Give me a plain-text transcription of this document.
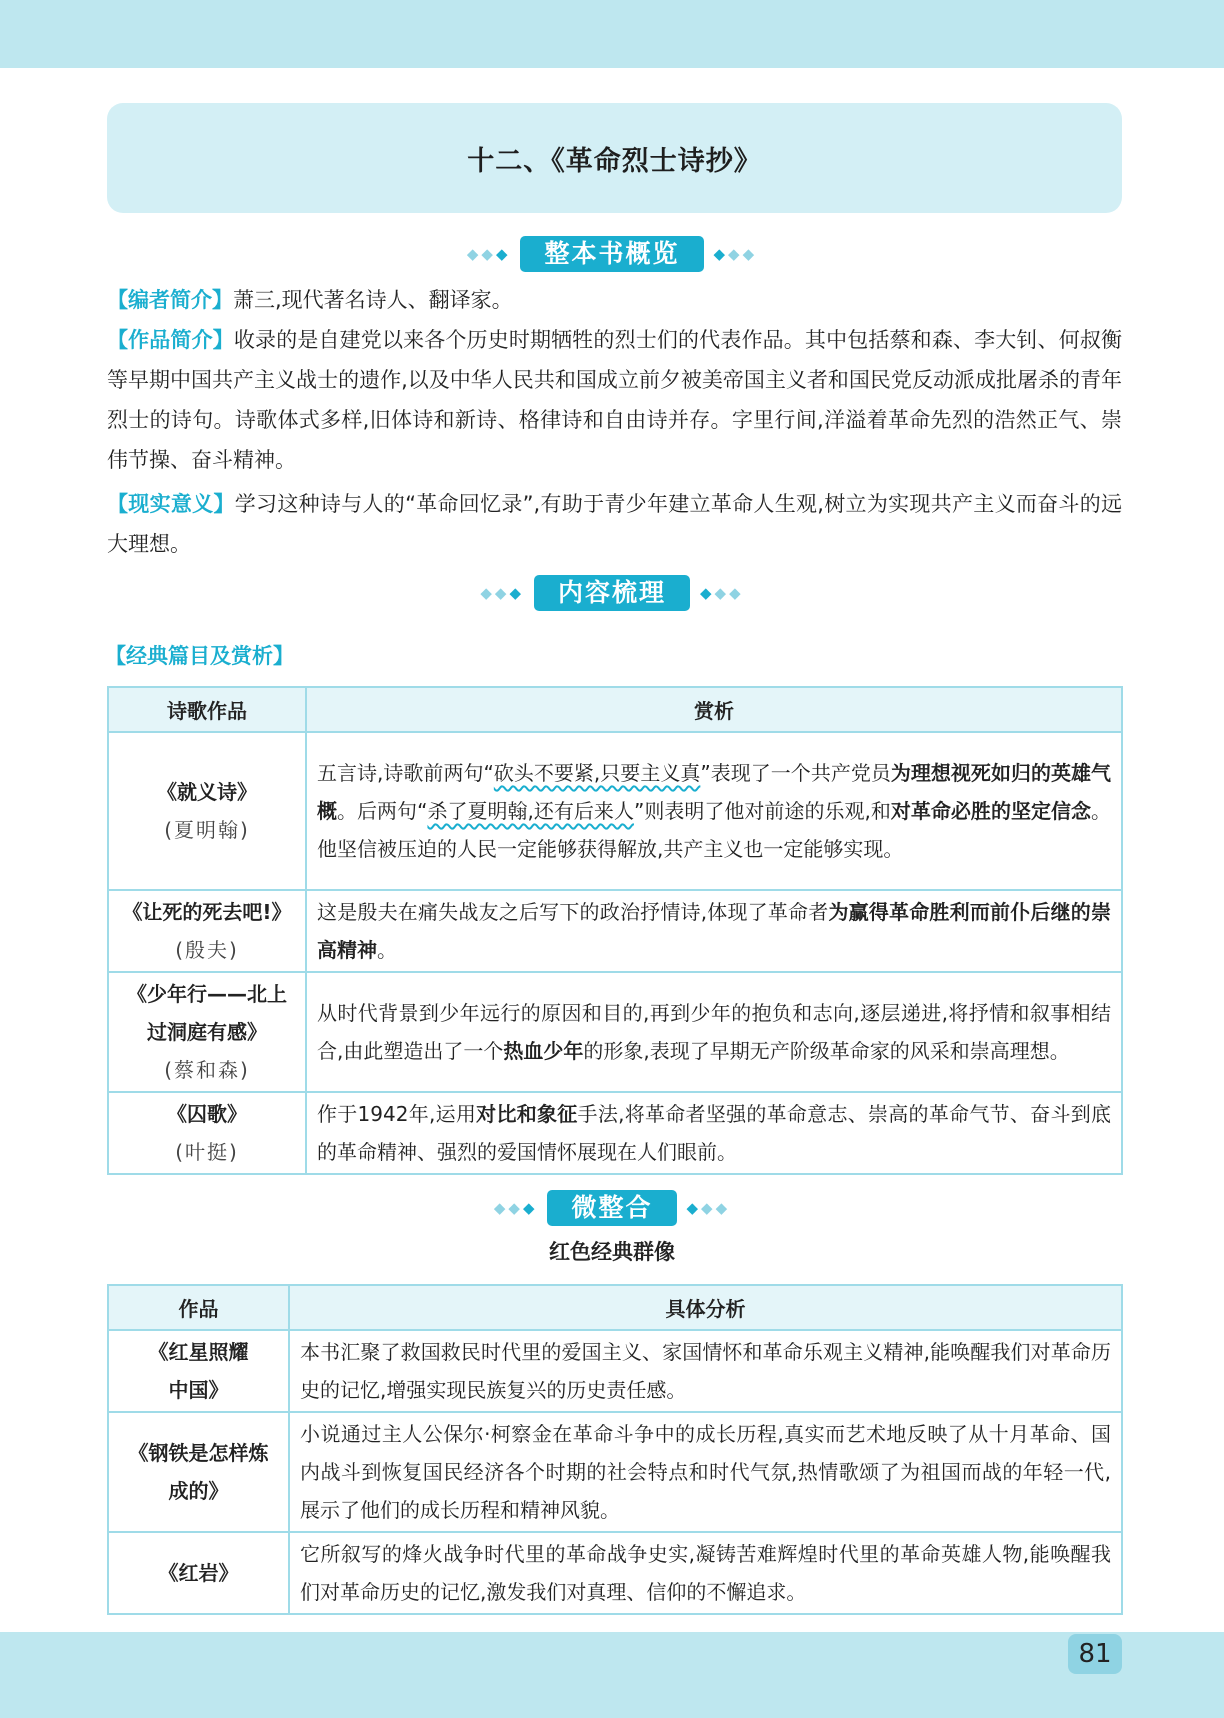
十二、《革命烈士诗抄》
◆◆◆	整本书概览	◆◆◆

【编者简介】萧三,现代著名诗人、翻译家。

【作品简介】收录的是自建党以来各个历史时期牺牲的烈士们的代表作品。其中包括蔡和森、李大钊、何叔衡等早期中国共产主义战士的遗作,以及中华人民共和国成立前夕被美帝国主义者和国民党反动派成批屠杀的青年烈士的诗句。诗歌体式多样,旧体诗和新诗、格律诗和自由诗并存。字里行间,洋溢着革命先烈的浩然正气、崇伟节操、奋斗精神。

【现实意义】学习这种诗与人的“革命回忆录”,有助于青少年建立革命人生观,树立为实现共产主义而奋斗的远大理想。

◆◆◆	内容梳理	◆◆◆
【经典篇目及赏析】
诗歌作品	赏析

《就义诗》
(夏明翰)	五言诗,诗歌前两句“砍头不要紧,只要主义真”表现了一个共产党员为理想视死如归的英雄气概。后两句“杀了夏明翰,还有后来人”则表明了他对前途的乐观,和对革命必胜的坚定信念。他坚信被压迫的人民一定能够获得解放,共产主义也一定能够实现。

《让死的死去吧!》
(殷夫)	这是殷夫在痛失战友之后写下的政治抒情诗,体现了革命者为赢得革命胜利而前仆后继的崇高精神。

《少年行——北上
过洞庭有感》
(蔡和森)	从时代背景到少年远行的原因和目的,再到少年的抱负和志向,逐层递进,将抒情和叙事相结合,由此塑造出了一个热血少年的形象,表现了早期无产阶级革命家的风采和崇高理想。

《囚歌》
(叶挺)	作于1942年,运用对比和象征手法,将革命者坚强的革命意志、崇高的革命气节、奋斗到底的革命精神、强烈的爱国情怀展现在人们眼前。
◆◆◆	微整合	◆◆◆
红色经典群像
作品	具体分析

《红星照耀
中国》	本书汇聚了救国救民时代里的爱国主义、家国情怀和革命乐观主义精神,能唤醒我们对革命历史的记忆,增强实现民族复兴的历史责任感。

《钢铁是怎样炼
成的》	小说通过主人公保尔·柯察金在革命斗争中的成长历程,真实而艺术地反映了从十月革命、国内战斗到恢复国民经济各个时期的社会特点和时代气氛,热情歌颂了为祖国而战的年轻一代,展示了他们的成长历程和精神风貌。

《红岩》	它所叙写的烽火战争时代里的革命战争史实,凝铸苦难辉煌时代里的革命英雄人物,能唤醒我们对革命历史的记忆,激发我们对真理、信仰的不懈追求。
81
